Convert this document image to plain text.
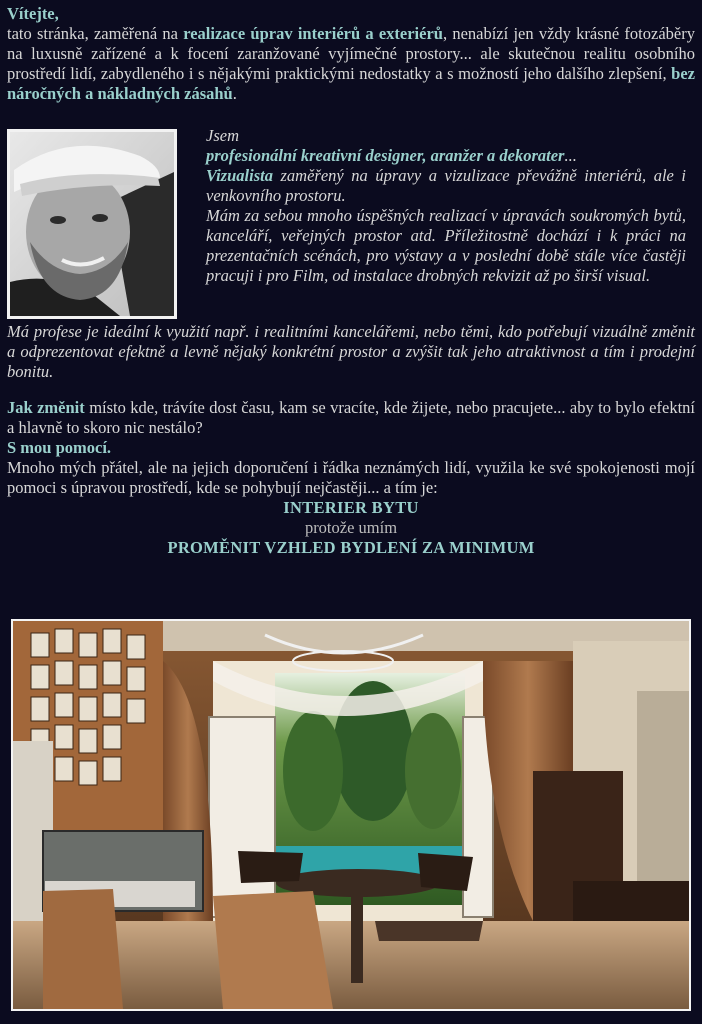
Vítejte,

tato stránka, zaměřená na realizace úprav interiérů a exteriérů, nenabízí jen vždy krásné fotozáběry na luxusně zařízené a k focení zaranžované vyjímečné prostory... ale skutečnou realitu osobního prostředí lidí, zabydleného i s nějakými praktickými nedostatky a s možností jeho dalšího zlepšení, bez náročných a nákladných zásahů.

Jsem
profesionální kreativní designer, aranžer a dekorater...
Vizualista zaměřený na úpravy a vizulizace převážně interiérů, ale i venkovního prostoru.
Mám za sebou mnoho úspěšných realizací v úpravách soukromých bytů, kanceláří, veřejných prostor atd. Příležitostně dochází i k práci na prezentačních scénách, pro výstavy a v poslední době stále více častěji pracuji i pro Film, od instalace drobných rekvizit až po širší visual.

Má profese je ideální k využití např. i realitními kancelářemi, nebo těmi, kdo potřebují vizuálně změnit a odprezentovat efektně a levně nějaký konkrétní prostor a zvýšit tak jeho atraktivnost a tím i prodejní bonitu.

Jak změnit místo kde, trávíte dost času, kam se vracíte, kde žijete, nebo pracujete... aby to bylo efektní a hlavně to skoro nic nestálo?

S mou pomocí.

Mnoho mých přátel, ale na jejich doporučení i řádka neznámých lidí, využila ke své spokojenosti mojí pomoci s úpravou prostředí, kde se pohybují nejčastěji... a tím je:

INTERIER BYTU

protože umím

PROMĚNIT VZHLED BYDLENÍ ZA MINIMUM
